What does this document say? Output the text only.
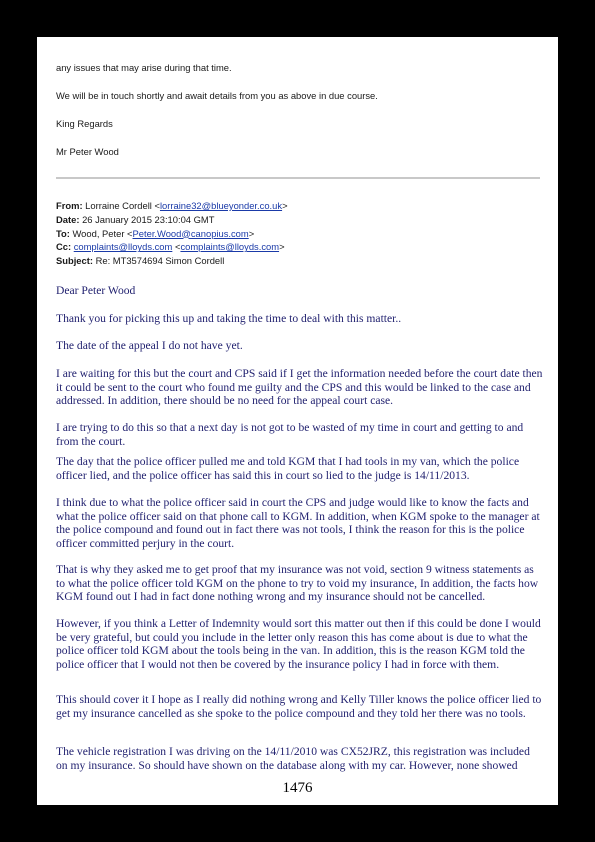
any issues that may arise during that time.

We will be in touch shortly and await details from you as above in due course.

King Regards

Mr Peter Wood

From: Lorraine Cordell <lorraine32@blueyonder.co.uk>
Date: 26 January 2015 23:10:04 GMT
To: Wood, Peter <Peter.Wood@canopius.com>
Cc: complaints@lloyds.com <complaints@lloyds.com>
Subject: Re: MT3574694 Simon Cordell

Dear Peter Wood

Thank you for picking this up and taking the time to deal with this matter..

The date of the appeal I do not have yet.

I are waiting for this but the court and CPS said if I get the information needed before the court date then it could be sent to the court who found me guilty and the CPS and this would be linked to the case and addressed. In addition, there should be no need for the appeal court case.

I are trying to do this so that a next day is not got to be wasted of my time in court and getting to and from the court.

The day that the police officer pulled me and told KGM that I had tools in my van, which the police officer lied, and the police officer has said this in court so lied to the judge is 14/11/2013.

I think due to what the police officer said in court the CPS and judge would like to know the facts and what the police officer said on that phone call to KGM. In addition, when KGM spoke to the manager at the police compound and found out in fact there was not tools, I think the reason for this is the police officer committed perjury in the court.

That is why they asked me to get proof that my insurance was not void, section 9 witness statements as to what the police officer told KGM on the phone to try to void my insurance, In addition, the facts how KGM found out I had in fact done nothing wrong and my insurance should not be cancelled.

However, if you think a Letter of Indemnity would sort this matter out then if this could be done I would be very grateful, but could you include in the letter only reason this has come about is due to what the police officer told KGM about the tools being in the van. In addition, this is the reason KGM told the police officer that I would not then be covered by the insurance policy I had in force with them.

This should cover it I hope as I really did nothing wrong and Kelly Tiller knows the police officer lied to get my insurance cancelled as she spoke to the police compound and they told her there was no tools.

The vehicle registration I was driving on the 14/11/2010 was CX52JRZ, this registration was included on my insurance. So should have shown on the database along with my car. However, none showed

1476
